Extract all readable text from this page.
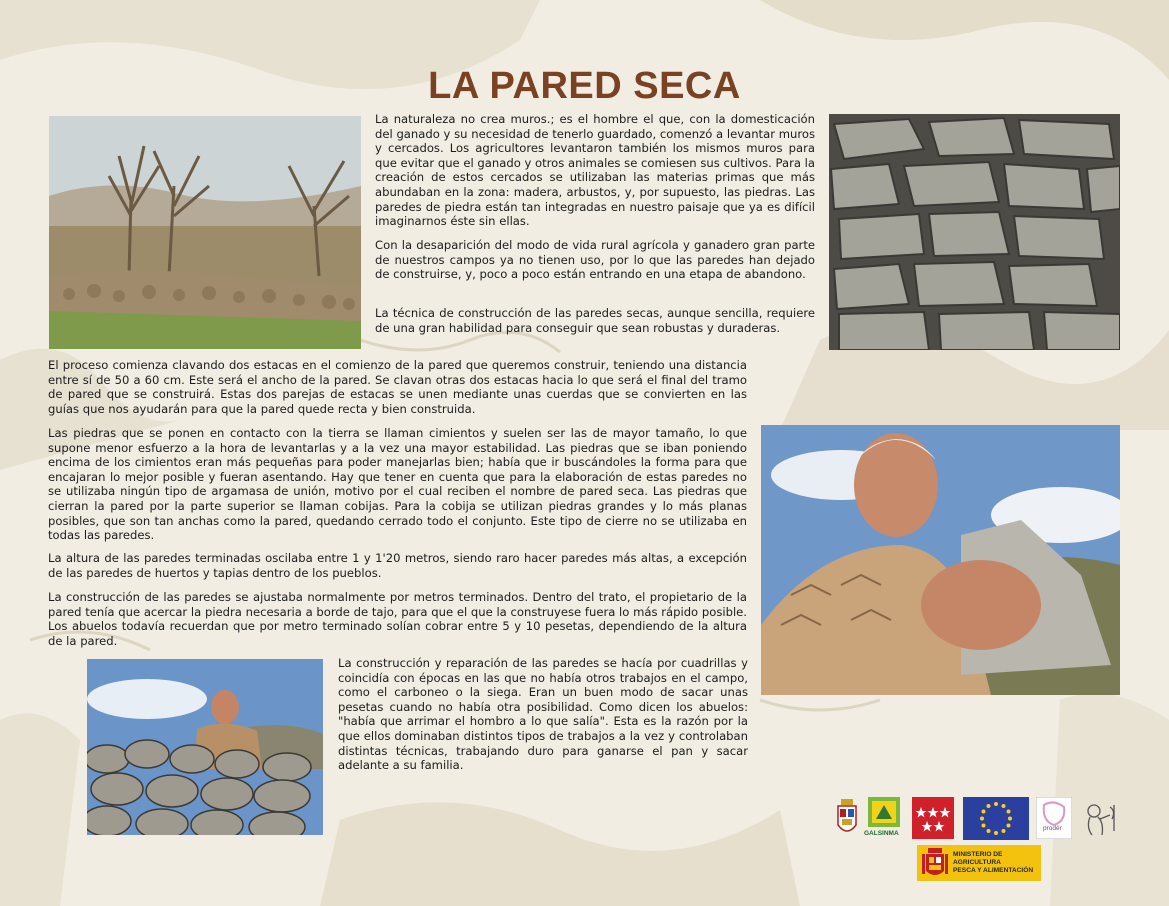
LA PARED SECA

La naturaleza no crea muros.; es el hombre el que, con la domesticación del ganado y su necesidad de tenerlo guardado, comenzó a levantar muros y cercados. Los agricultores levantaron también los mismos muros para que evitar que el ganado y otros animales se comiesen sus cultivos. Para la creación de estos cercados se utilizaban las materias primas que más abundaban en la zona: madera, arbustos, y, por supuesto, las piedras. Las paredes de piedra están tan integradas en nuestro paisaje que ya es difícil imaginarnos éste sin ellas.

Con la desaparición del modo de vida rural agrícola y ganadero gran parte de nuestros campos ya no tienen uso, por lo que las paredes han dejado de construirse, y, poco a poco están entrando en una etapa de abandono.

La técnica de construcción de las paredes secas, aunque sencilla, requiere de una gran habilidad para conseguir que sean robustas y duraderas.

El proceso comienza clavando dos estacas en el comienzo de la pared que queremos construir, teniendo una distancia entre sí de 50 a 60 cm. Este será el ancho de la pared. Se clavan otras dos estacas hacia lo que será el final del tramo de pared que se construirá. Estas dos parejas de estacas se unen mediante unas cuerdas que se convierten en las guías que nos ayudarán para que la pared quede recta y bien construida.

Las piedras que se ponen en contacto con la tierra se llaman cimientos y suelen ser las de mayor tamaño, lo que supone menor esfuerzo a la hora de levantarlas y a la vez una mayor estabilidad. Las piedras que se iban poniendo encima de los cimientos eran más pequeñas para poder manejarlas bien; había que ir buscándoles la forma para que encajaran lo mejor posible y fueran asentando. Hay que tener en cuenta que para la elaboración de estas paredes no se utilizaba ningún tipo de argamasa de unión, motivo por el cual reciben el nombre de pared seca. Las piedras que cierran la pared por la parte superior se llaman cobijas. Para la cobija se utilizan piedras grandes y lo más planas posibles, que son tan anchas como la pared, quedando cerrado todo el conjunto. Este tipo de cierre no se utilizaba en todas las paredes.

La altura de las paredes terminadas oscilaba entre 1 y 1'20 metros, siendo raro hacer paredes más altas, a excepción de las paredes de huertos y tapias dentro de los pueblos.

La construcción de las paredes se ajustaba normalmente por metros terminados. Dentro del trato, el propietario de la pared tenía que acercar la piedra necesaria a borde de tajo, para que el que la construyese fuera lo más rápido posible. Los abuelos todavía recuerdan que por metro terminado solían cobrar entre 5 y 10 pesetas, dependiendo de la altura de la pared.

La construcción y reparación de las paredes se hacía por cuadrillas y coincidía con épocas en las que no había otros trabajos en el campo, como el carboneo o la siega. Eran un buen modo de sacar unas pesetas cuando no había otra posibilidad. Como dicen los abuelos: "había que arrimar el hombro a lo que salía". Esta es la razón por la que ellos dominaban distintos tipos de trabajos a la vez y controlaban distintas técnicas, trabajando duro para ganarse el pan y sacar adelante a su familia.

GALSINMA
prodër
MINISTERIO DE
AGRICULTURA
PESCA Y ALIMENTACIÓN
